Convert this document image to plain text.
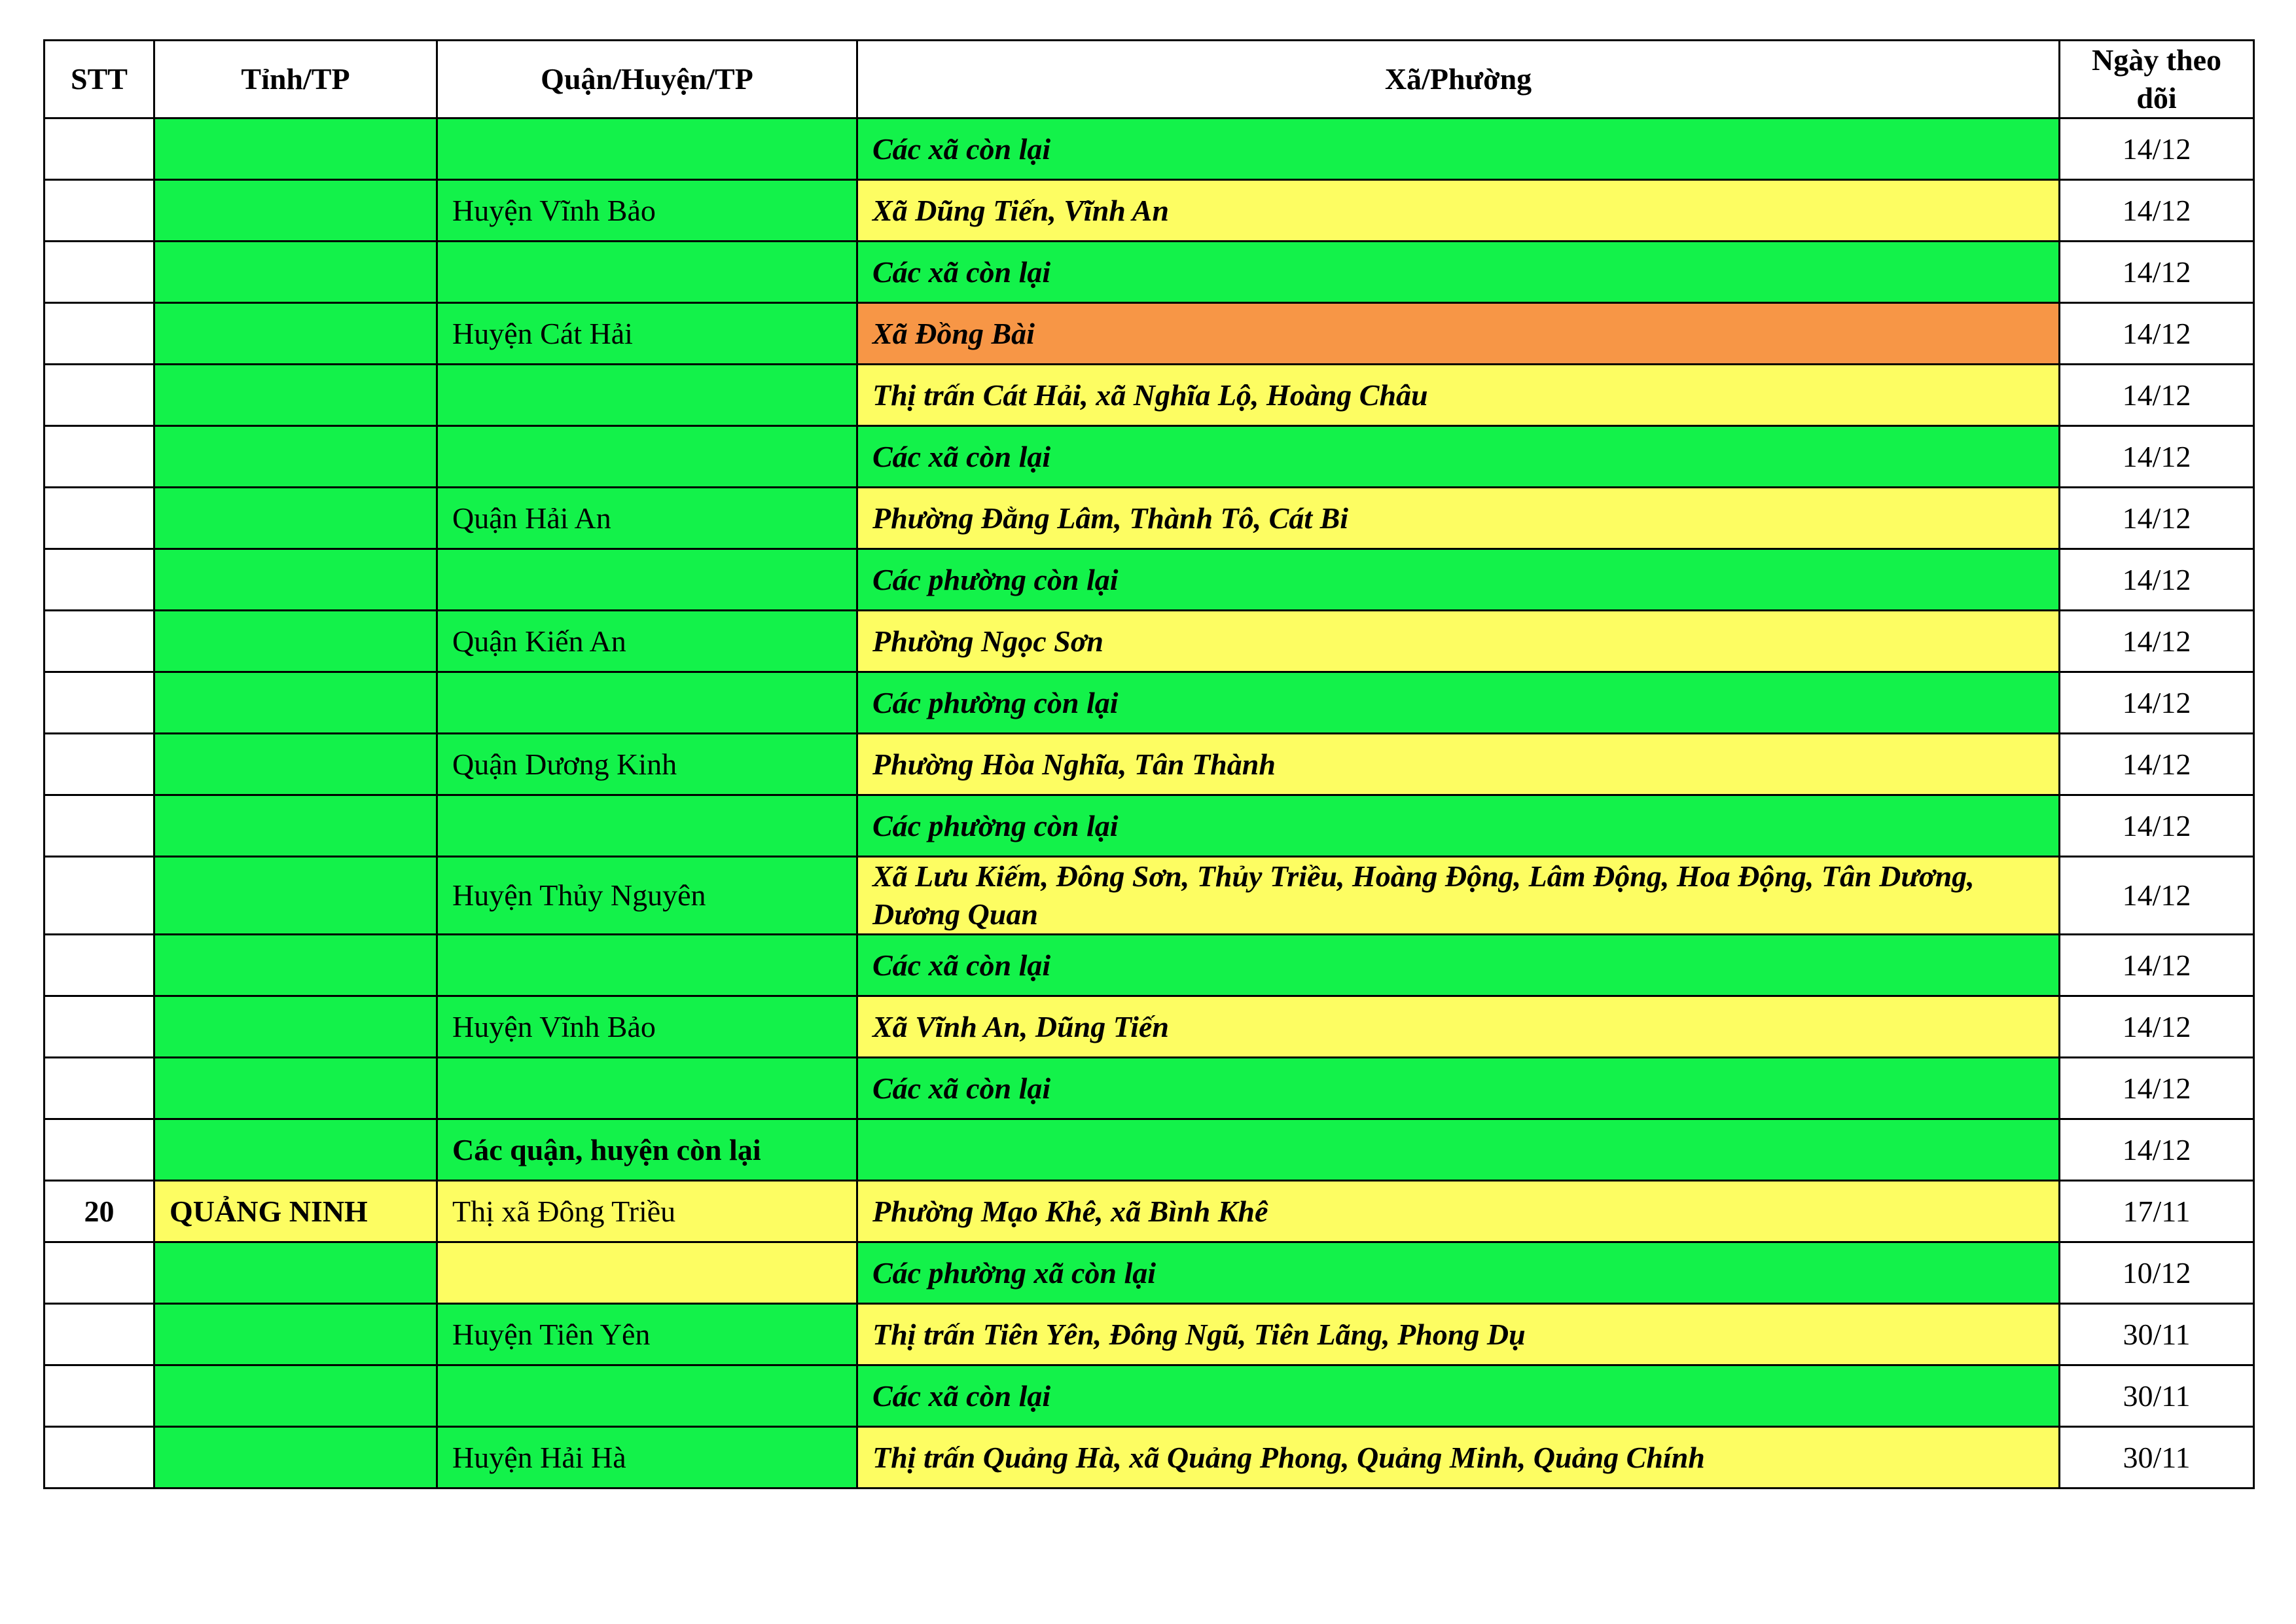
STT	Tỉnh/TP	Quận/Huyện/TP	Xã/Phường	Ngày theo dõi
			Các xã còn lại	14/12
		Huyện Vĩnh Bảo	Xã Dũng Tiến, Vĩnh An	14/12
			Các xã còn lại	14/12
		Huyện Cát Hải	Xã Đồng Bài	14/12
			Thị trấn Cát Hải, xã Nghĩa Lộ, Hoàng Châu	14/12
			Các xã còn lại	14/12
		Quận Hải An	Phường Đằng Lâm, Thành Tô, Cát Bi	14/12
			Các phường còn lại	14/12
		Quận Kiến An	Phường Ngọc Sơn	14/12
			Các phường còn lại	14/12
		Quận Dương Kinh	Phường Hòa Nghĩa, Tân Thành	14/12
			Các phường còn lại	14/12
		Huyện Thủy Nguyên	Xã Lưu Kiếm, Đông Sơn, Thủy Triều, Hoàng Động, Lâm Động, Hoa Động, Tân Dương, Dương Quan	14/12
			Các xã còn lại	14/12
		Huyện Vĩnh Bảo	Xã Vĩnh An, Dũng Tiến	14/12
			Các xã còn lại	14/12
		Các quận, huyện còn lại		14/12
20	QUẢNG NINH	Thị xã Đông Triều	Phường Mạo Khê, xã Bình Khê	17/11
			Các phường xã còn lại	10/12
		Huyện Tiên Yên	Thị trấn Tiên Yên, Đông Ngũ, Tiên Lãng, Phong Dụ	30/11
			Các xã còn lại	30/11
		Huyện Hải Hà	Thị trấn Quảng Hà, xã Quảng Phong, Quảng Minh, Quảng Chính	30/11
